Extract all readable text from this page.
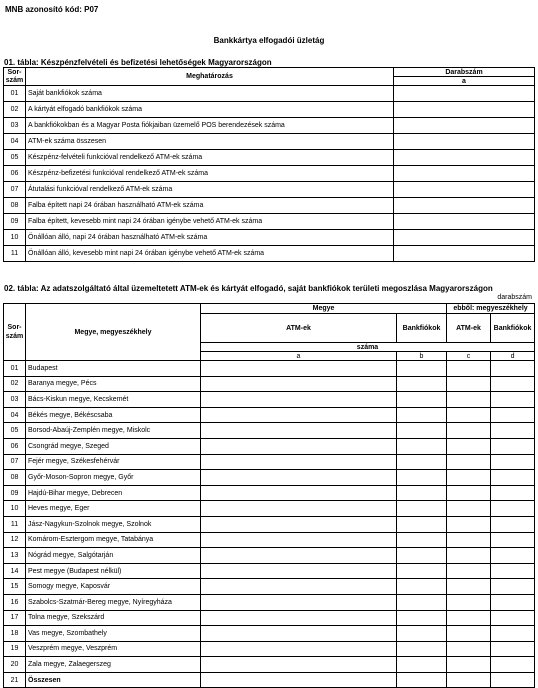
MNB azonosító kód: P07
Bankkártya elfogadói üzletág
01. tábla: Készpénzfelvételi és befizetési lehetőségek Magyarországon
Sor-
szám	Meghatározás	Darabszám
		a
01	Saját bankfiókok száma	
02	A kártyát elfogadó bankfiókok száma	
03	A bankfiókokban és a Magyar Posta fiókjaiban üzemelő POS berendezések száma	
04	ATM-ek száma összesen	
05	Készpénz-felvételi funkcióval rendelkező ATM-ek száma	
06	Készpénz-befizetési funkcióval rendelkező ATM-ek száma	
07	Átutalási funkcióval rendelkező ATM-ek száma	
08	Falba épített napi 24 órában használható ATM-ek száma	
09	Falba épített, kevesebb mint napi 24 órában igénybe vehető ATM-ek száma	
10	Önállóan álló, napi 24 órában használható ATM-ek száma	
11	Önállóan álló, kevesebb mint napi 24 órában igénybe vehető ATM-ek száma	
02. tábla: Az adatszolgáltató által üzemeltetett ATM-ek és kártyát elfogadó, saját bankfiókok területi megoszlása Magyarországon
darabszám
Sor-
szám	Megye, megyeszékhely	Megye		ebből: megyeszékhely	
		ATM-ek	Bankfiókok	ATM-ek	Bankfiókok
		száma			
		a	b	c	d
01	Budapest				
02	Baranya megye, Pécs				
03	Bács-Kiskun megye, Kecskemét				
04	Békés megye, Békéscsaba				
05	Borsod-Abaúj-Zemplén megye, Miskolc				
06	Csongrád megye, Szeged				
07	Fejér megye, Székesfehérvár				
08	Győr-Moson-Sopron megye, Győr				
09	Hajdú-Bihar megye, Debrecen				
10	Heves megye, Eger				
11	Jász-Nagykun-Szolnok megye, Szolnok				
12	Komárom-Esztergom megye, Tatabánya				
13	Nógrád megye, Salgótarján				
14	Pest megye (Budapest nélkül)				
15	Somogy megye, Kaposvár				
16	Szabolcs-Szatmár-Bereg megye, Nyíregyháza				
17	Tolna megye, Szekszárd				
18	Vas megye, Szombathely				
19	Veszprém megye, Veszprém				
20	Zala megye, Zalaegerszeg				
21	Összesen				
